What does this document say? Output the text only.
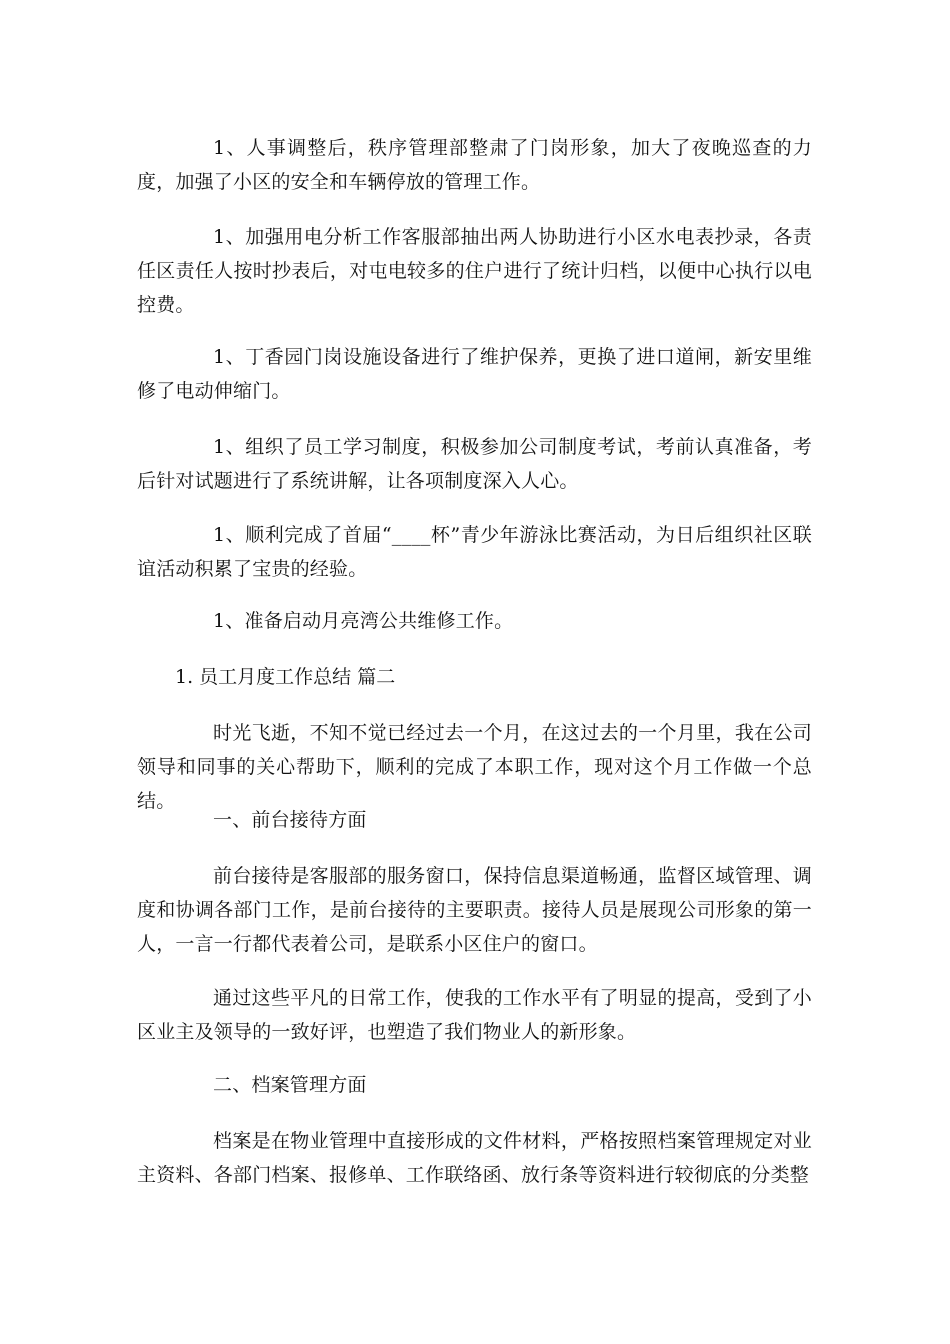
1、人事调整后，秩序管理部整肃了门岗形象，加大了夜晚巡查的力度，加强了小区的安全和车辆停放的管理工作。

1、加强用电分析工作客服部抽出两人协助进行小区水电表抄录，各责任区责任人按时抄表后，对屯电较多的住户进行了统计归档，以便中心执行以电控费。

1、丁香园门岗设施设备进行了维护保养，更换了进口道闸，新安里维修了电动伸缩门。

1、组织了员工学习制度，积极参加公司制度考试，考前认真准备，考后针对试题进行了系统讲解，让各项制度深入人心。

1、顺利完成了首届“____杯”青少年游泳比赛活动，为日后组织社区联谊活动积累了宝贵的经验。

1、准备启动月亮湾公共维修工作。

1. 员工月度工作总结 篇二

时光飞逝，不知不觉已经过去一个月，在这过去的一个月里，我在公司领导和同事的关心帮助下，顺利的完成了本职工作，现对这个月工作做一个总结。

一、前台接待方面

前台接待是客服部的服务窗口，保持信息渠道畅通，监督区域管理、调度和协调各部门工作，是前台接待的主要职责。接待人员是展现公司形象的第一人，一言一行都代表着公司，是联系小区住户的窗口。

通过这些平凡的日常工作，使我的工作水平有了明显的提高，受到了小区业主及领导的一致好评，也塑造了我们物业人的新形象。

二、档案管理方面

档案是在物业管理中直接形成的文件材料，严格按照档案管理规定对业主资料、各部门档案、报修单、工作联络函、放行条等资料进行较彻底的分类整
